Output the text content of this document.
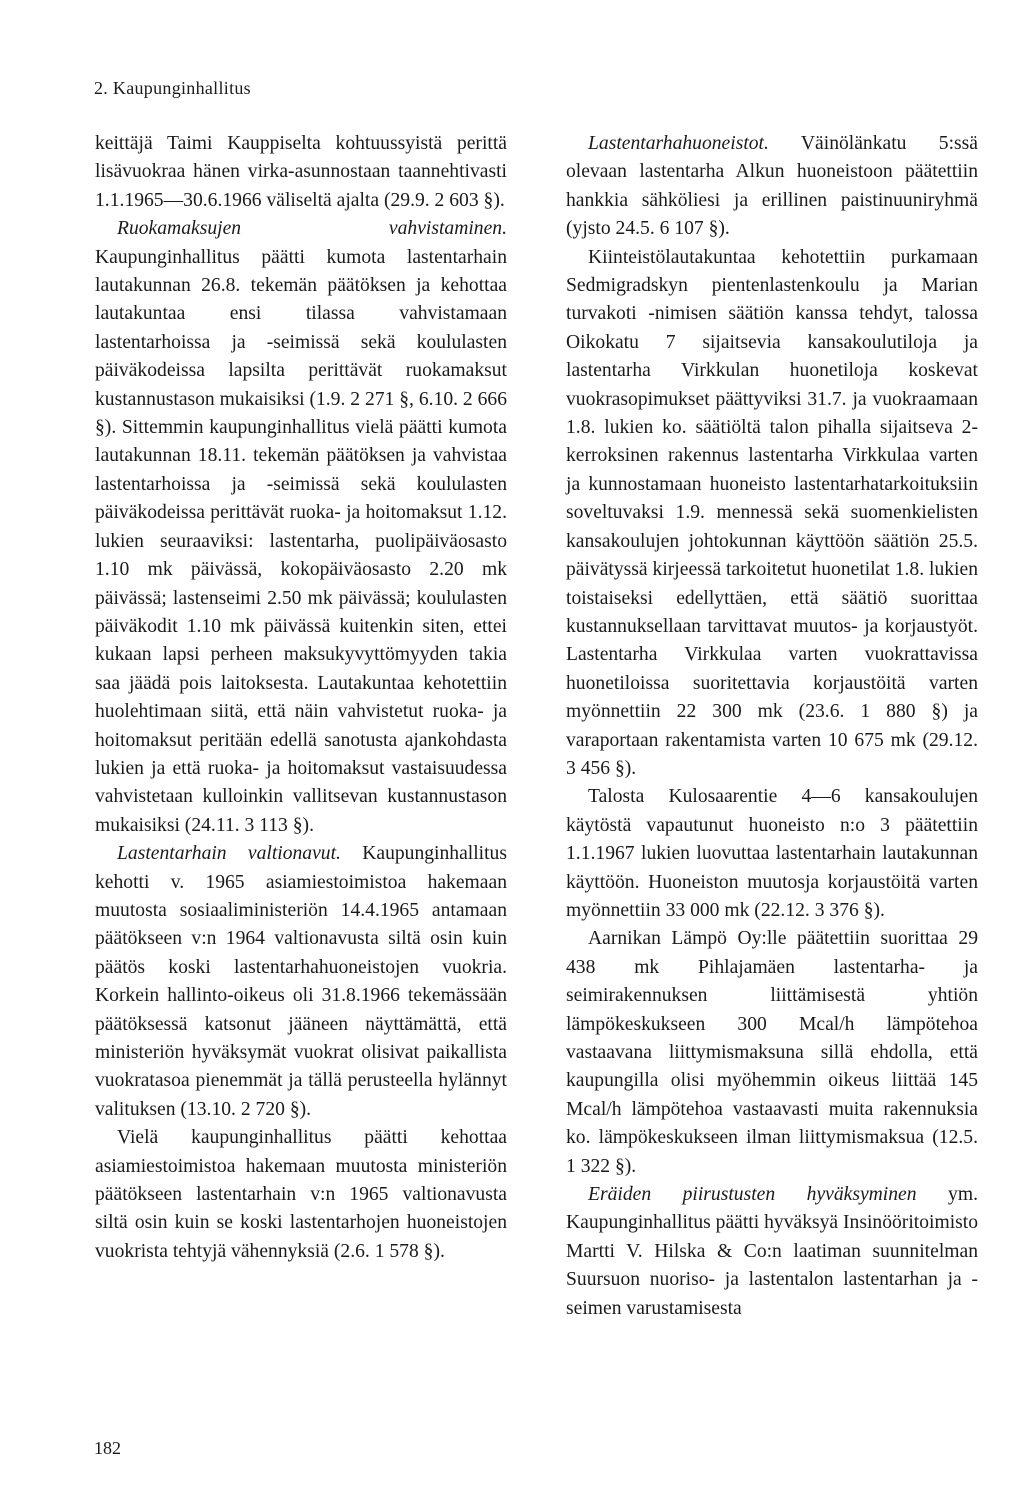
2. Kaupunginhallitus

keittäjä Taimi Kauppiselta kohtuussyistä perittä lisävuokraa hänen virka-asunnostaan taannehtivasti 1.1.1965—30.6.1966 väliseltä ajalta (29.9. 2 603 §).

Ruokamaksujen vahvistaminen. Kaupunginhallitus päätti kumota lastentarhain lautakunnan 26.8. tekemän päätöksen ja kehottaa lautakuntaa ensi tilassa vahvistamaan lastentarhoissa ja -seimissä sekä koululasten päiväkodeissa lapsilta perittävät ruokamaksut kustannustason mukaisiksi (1.9. 2 271 §, 6.10. 2 666 §). Sittemmin kaupunginhallitus vielä päätti kumota lautakunnan 18.11. tekemän päätöksen ja vahvistaa lastentarhoissa ja -seimissä sekä koululasten päiväkodeissa perittävät ruoka- ja hoitomaksut 1.12. lukien seuraaviksi: lastentarha, puolipäiväosasto 1.10 mk päivässä, kokopäiväosasto 2.20 mk päivässä; lastenseimi 2.50 mk päivässä; koululasten päiväkodit 1.10 mk päivässä kuitenkin siten, ettei kukaan lapsi perheen maksukyvyttömyyden takia saa jäädä pois laitoksesta. Lautakuntaa kehotettiin huolehtimaan siitä, että näin vahvistetut ruoka- ja hoitomaksut peritään edellä sanotusta ajankohdasta lukien ja että ruoka- ja hoitomaksut vastaisuudessa vahvistetaan kulloinkin vallitsevan kustannustason mukaisiksi (24.11. 3 113 §).

Lastentarhain valtionavut. Kaupunginhallitus kehotti v. 1965 asiamiestoimistoa hakemaan muutosta sosiaaliministeriön 14.4.1965 antamaan päätökseen v:n 1964 valtionavusta siltä osin kuin päätös koski lastentarhahuoneistojen vuokria. Korkein hallinto-oikeus oli 31.8.1966 tekemässään päätöksessä katsonut jääneen näyttämättä, että ministeriön hyväksymät vuokrat olisivat paikallista vuokratasoa pienemmät ja tällä perusteella hylännyt valituksen (13.10. 2 720 §).

Vielä kaupunginhallitus päätti kehottaa asiamiestoimistoa hakemaan muutosta ministeriön päätökseen lastentarhain v:n 1965 valtionavusta siltä osin kuin se koski lastentarhojen huoneistojen vuokrista tehtyjä vähennyksiä (2.6. 1 578 §).

Lastentarhahuoneistot. Väinölänkatu 5:ssä olevaan lastentarha Alkun huoneistoon päätettiin hankkia sähköliesi ja erillinen paistinuuniryhmä (yjsto 24.5. 6 107 §).

Kiinteistölautakuntaa kehotettiin purkamaan Sedmigradskyn pientenlastenkoulu ja Marian turvakoti -nimisen säätiön kanssa tehdyt, talossa Oikokatu 7 sijaitsevia kansakoulutiloja ja lastentarha Virkkulan huonetiloja koskevat vuokrasopimukset päättyviksi 31.7. ja vuokraamaan 1.8. lukien ko. säätiöltä talon pihalla sijaitseva 2-kerroksinen rakennus lastentarha Virkkulaa varten ja kunnostamaan huoneisto lastentarhatarkoituksiin soveltuvaksi 1.9. mennessä sekä suomenkielisten kansakoulujen johtokunnan käyttöön säätiön 25.5. päivätyssä kirjeessä tarkoitetut huonetilat 1.8. lukien toistaiseksi edellyttäen, että säätiö suorittaa kustannuksellaan tarvittavat muutos- ja korjaustyöt. Lastentarha Virkkulaa varten vuokrattavissa huonetiloissa suoritettavia korjaustöitä varten myönnettiin 22 300 mk (23.6. 1 880 §) ja varaportaan rakentamista varten 10 675 mk (29.12. 3 456 §).

Talosta Kulosaarentie 4—6 kansakoulujen käytöstä vapautunut huoneisto n:o 3 päätettiin 1.1.1967 lukien luovuttaa lastentarhain lautakunnan käyttöön. Huoneiston muutosja korjaustöitä varten myönnettiin 33 000 mk (22.12. 3 376 §).

Aarnikan Lämpö Oy:lle päätettiin suorittaa 29 438 mk Pihlajamäen lastentarha- ja seimirakennuksen liittämisestä yhtiön lämpökeskukseen 300 Mcal/h lämpötehoa vastaavana liittymismaksuna sillä ehdolla, että kaupungilla olisi myöhemmin oikeus liittää 145 Mcal/h lämpötehoa vastaavasti muita rakennuksia ko. lämpökeskukseen ilman liittymismaksua (12.5. 1 322 §).

Eräiden piirustusten hyväksyminen ym. Kaupunginhallitus päätti hyväksyä Insinööritoimisto Martti V. Hilska & Co:n laatiman suunnitelman Suursuon nuoriso- ja lastentalon lastentarhan ja -seimen varustamisesta

182
